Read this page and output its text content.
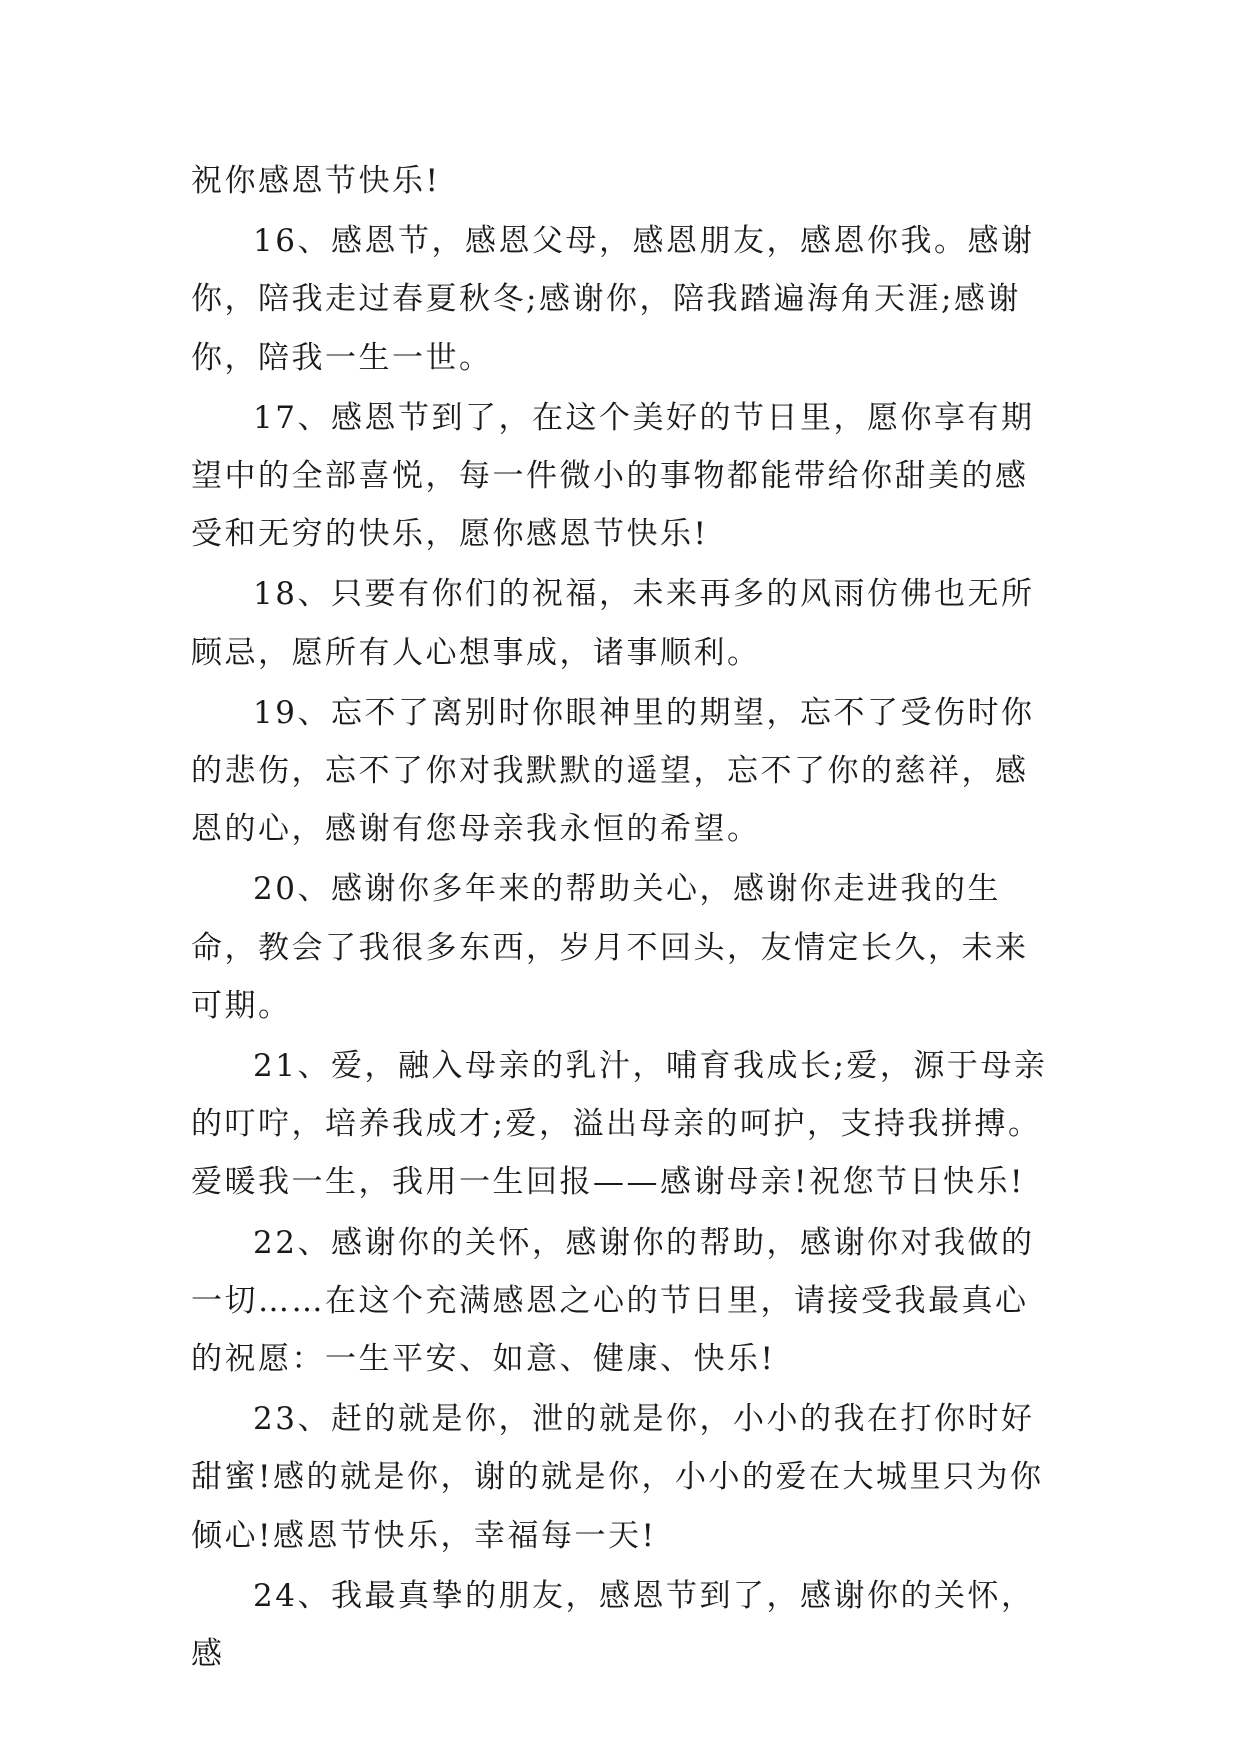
祝你感恩节快乐!

16、感恩节，感恩父母，感恩朋友，感恩你我。感谢你，陪我走过春夏秋冬;感谢你，陪我踏遍海角天涯;感谢你，陪我一生一世。

17、感恩节到了，在这个美好的节日里，愿你享有期望中的全部喜悦，每一件微小的事物都能带给你甜美的感受和无穷的快乐，愿你感恩节快乐!

18、只要有你们的祝福，未来再多的风雨仿佛也无所顾忌，愿所有人心想事成，诸事顺利。

19、忘不了离别时你眼神里的期望，忘不了受伤时你的悲伤，忘不了你对我默默的遥望，忘不了你的慈祥，感恩的心，感谢有您母亲我永恒的希望。

20、感谢你多年来的帮助关心，感谢你走进我的生命，教会了我很多东西，岁月不回头，友情定长久，未来可期。

21、爱，融入母亲的乳汁，哺育我成长;爱，源于母亲的叮咛，培养我成才;爱，溢出母亲的呵护，支持我拼搏。爱暖我一生，我用一生回报——感谢母亲!祝您节日快乐!

22、感谢你的关怀，感谢你的帮助，感谢你对我做的一切……在这个充满感恩之心的节日里，请接受我最真心的祝愿：一生平安、如意、健康、快乐!

23、赶的就是你，泄的就是你，小小的我在打你时好甜蜜!感的就是你，谢的就是你，小小的爱在大城里只为你倾心!感恩节快乐，幸福每一天!

24、我最真挚的朋友，感恩节到了，感谢你的关怀，感
